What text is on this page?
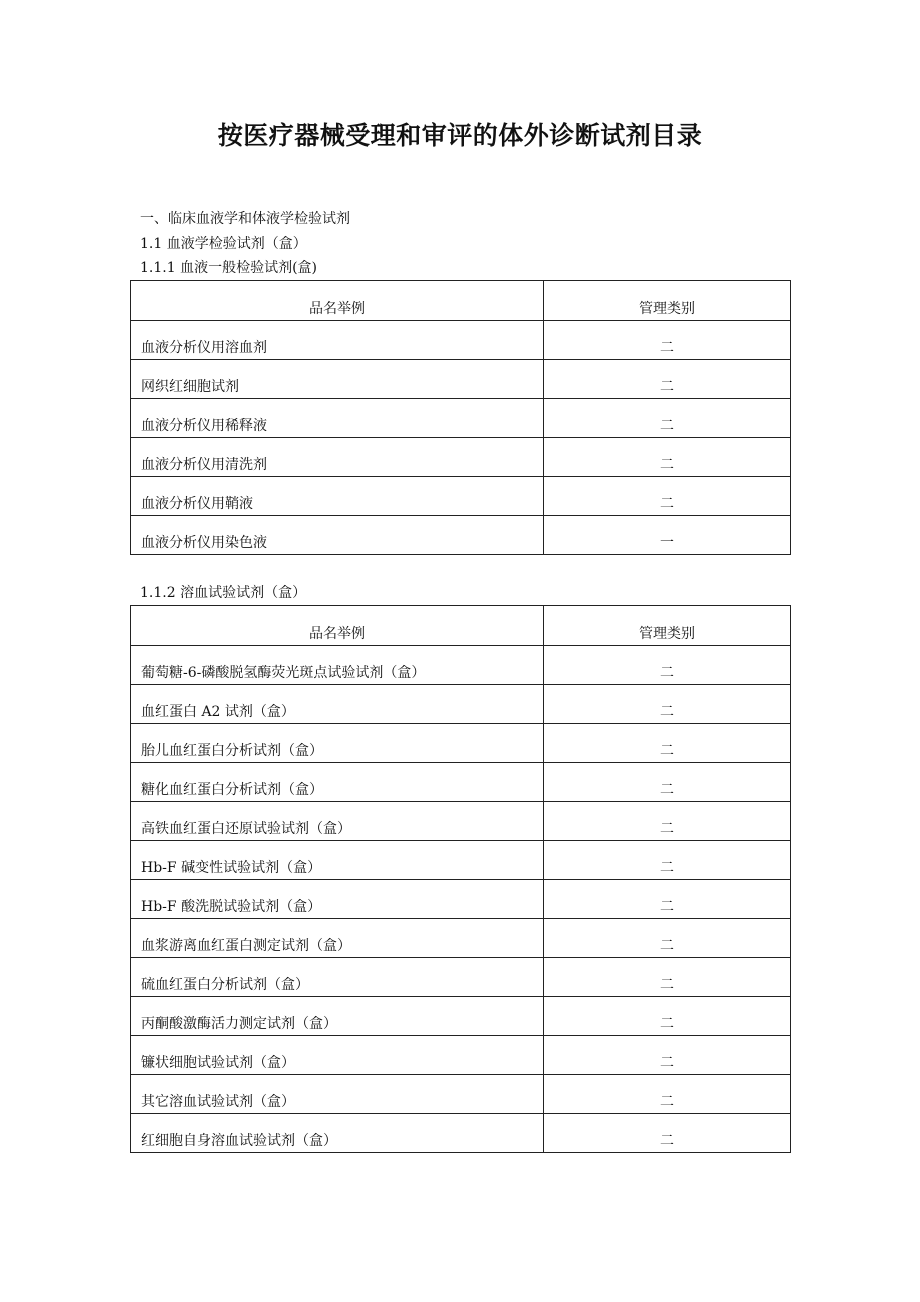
按医疗器械受理和审评的体外诊断试剂目录
一、临床血液学和体液学检验试剂
1.1 血液学检验试剂（盒）
1.1.1 血液一般检验试剂(盒)
品名举例	管理类别
血液分析仪用溶血剂	二
网织红细胞试剂	二
血液分析仪用稀释液	二
血液分析仪用清洗剂	二
血液分析仪用鞘液	二
血液分析仪用染色液	一
1.1.2 溶血试验试剂（盒）
品名举例	管理类别
葡萄糖-6-磷酸脱氢酶荧光斑点试验试剂（盒）	二
血红蛋白 A2 试剂（盒）	二
胎儿血红蛋白分析试剂（盒）	二
糖化血红蛋白分析试剂（盒）	二
高铁血红蛋白还原试验试剂（盒）	二
Hb-F 碱变性试验试剂（盒）	二
Hb-F 酸洗脱试验试剂（盒）	二
血浆游离血红蛋白测定试剂（盒）	二
硫血红蛋白分析试剂（盒）	二
丙酮酸激酶活力测定试剂（盒）	二
镰状细胞试验试剂（盒）	二
其它溶血试验试剂（盒）	二
红细胞自身溶血试验试剂（盒）	二
